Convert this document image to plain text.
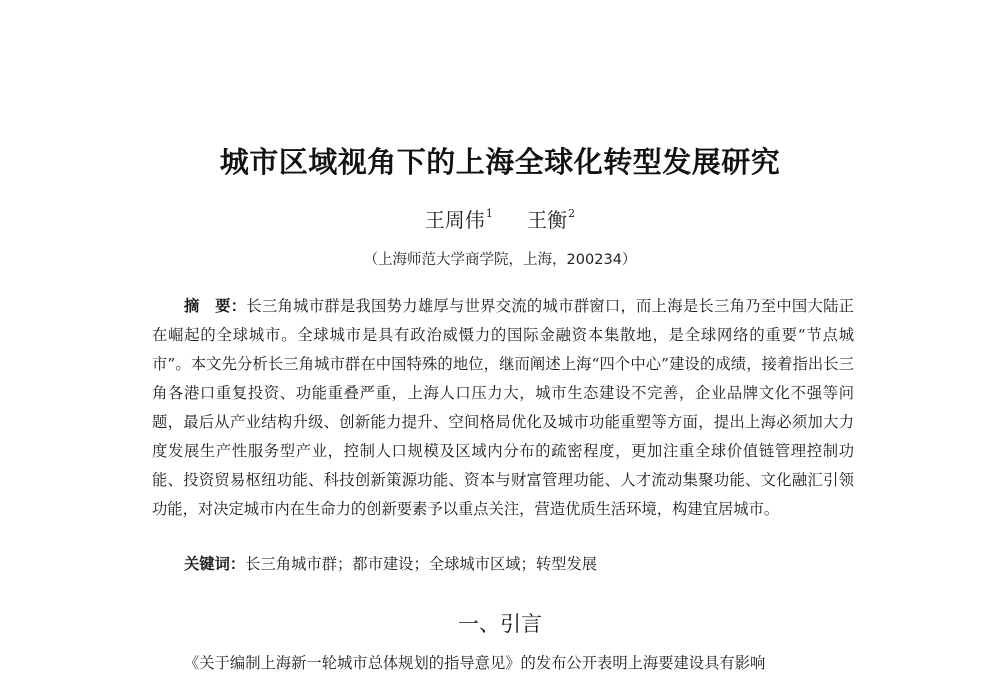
城市区域视角下的上海全球化转型发展研究
王周伟$^1$ 王衡$^2$
（上海师范大学商学院，上海，200234）
摘　要：长三角城市群是我国势力雄厚与世界交流的城市群窗口，而上海是长三角乃至中国大陆正在崛起的全球城市。全球城市是具有政治威慑力的国际金融资本集散地，是全球网络的重要“节点城市”。本文先分析长三角城市群在中国特殊的地位，继而阐述上海“四个中心”建设的成绩，接着指出长三角各港口重复投资、功能重叠严重，上海人口压力大，城市生态建设不完善，企业品牌文化不强等问题，最后从产业结构升级、创新能力提升、空间格局优化及城市功能重塑等方面，提出上海必须加大力度发展生产性服务型产业，控制人口规模及区域内分布的疏密程度，更加注重全球价值链管理控制功能、投资贸易枢纽功能、科技创新策源功能、资本与财富管理功能、人才流动集聚功能、文化融汇引领功能，对决定城市内在生命力的创新要素予以重点关注，营造优质生活环境，构建宜居城市。
关键词：长三角城市群；都市建设；全球城市区域；转型发展
一、引言
《关于编制上海新一轮城市总体规划的指导意见》的发布公开表明上海要建设具有影响
